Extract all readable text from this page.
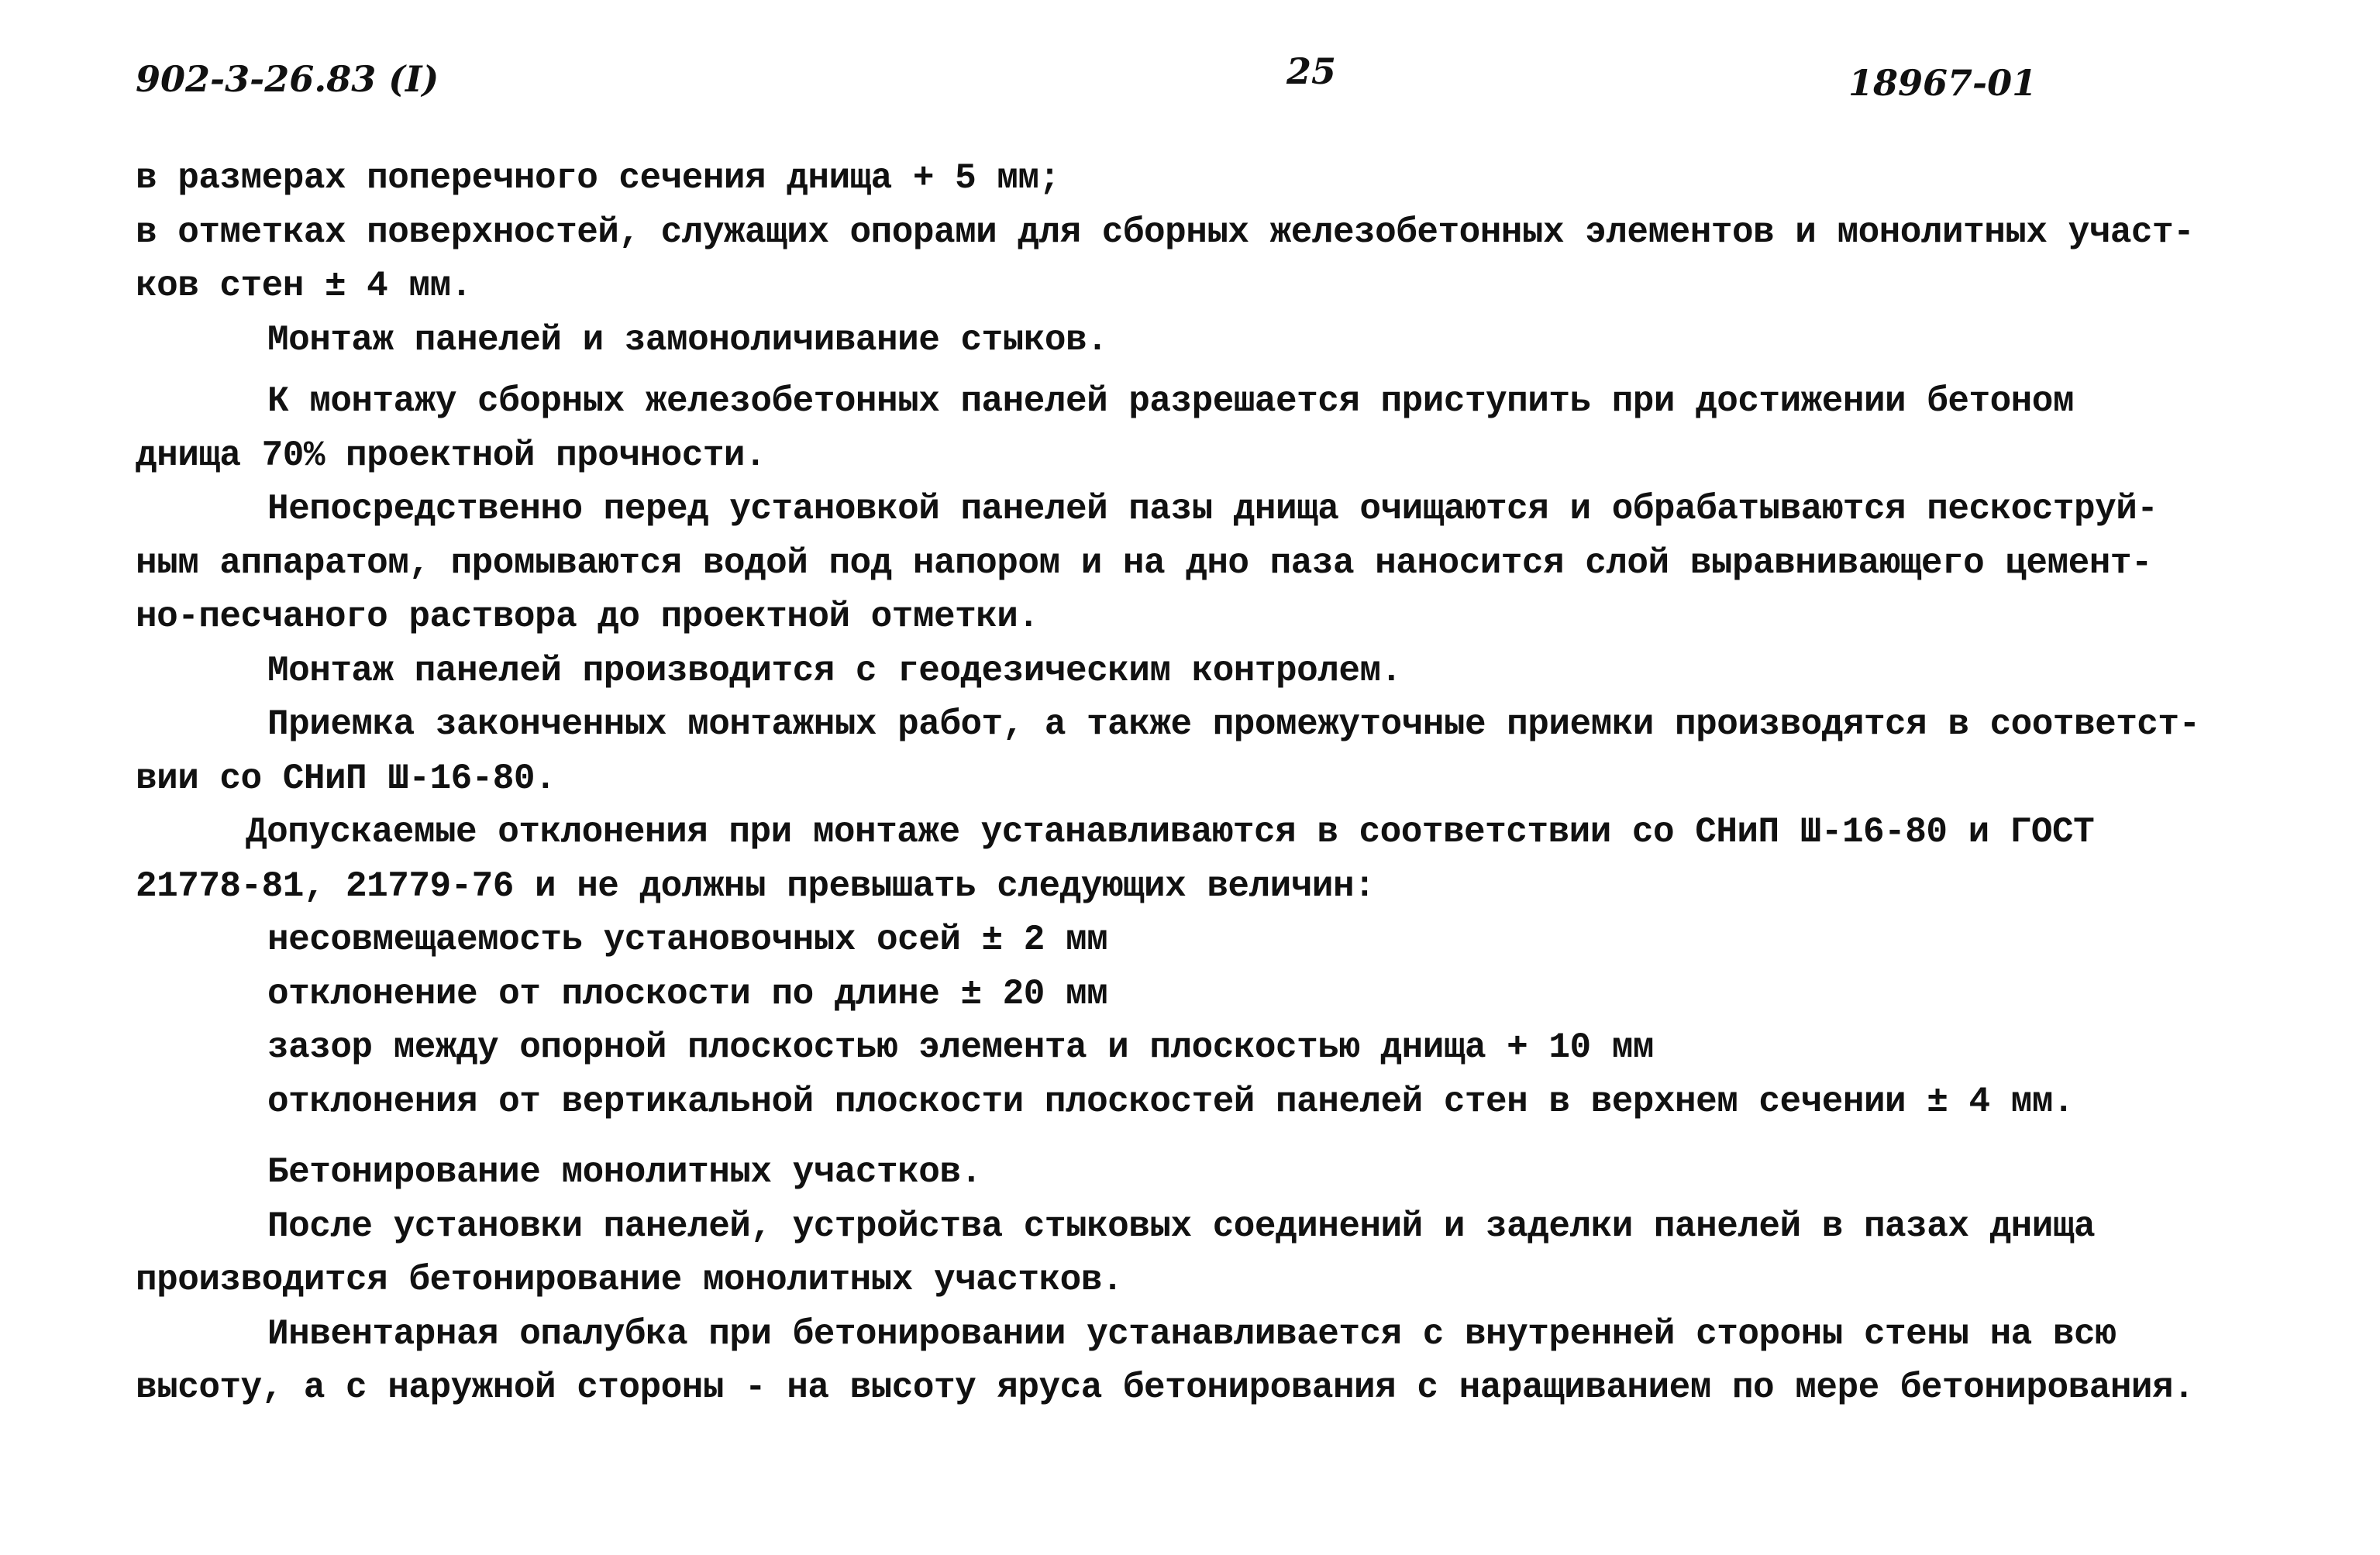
902-3-26.83 (I)	25	18967-01
в размерах поперечного сечения днища + 5 мм;
в отметках поверхностей, служащих опорами для сборных железобетонных элементов и монолитных участ-
ков стен ± 4 мм.
Монтаж панелей и замоноличивание стыков.
К монтажу сборных железобетонных панелей разрешается приступить при достижении бетоном
днища 70% проектной прочности.
Непосредственно перед установкой панелей пазы днища очищаются и обрабатываются пескоструй-
ным аппаратом, промываются водой под напором и на дно паза наносится слой выравнивающего цемент-
но-песчаного раствора до проектной отметки.
Монтаж панелей производится с геодезическим контролем.
Приемка законченных монтажных работ, а также промежуточные приемки производятся в соответст-
вии со СНиП Ш-16-80.
Допускаемые отклонения при монтаже устанавливаются в соответствии со СНиП Ш-16-80 и ГОСТ
21778-81, 21779-76 и не должны превышать следующих величин:
несовмещаемость установочных осей ± 2 мм
отклонение от плоскости по длине ± 20 мм
зазор между опорной плоскостью элемента и плоскостью днища + 10 мм
отклонения от вертикальной плоскости плоскостей панелей стен в верхнем сечении ± 4 мм.
Бетонирование монолитных участков.
После установки панелей, устройства стыковых соединений и заделки панелей в пазах днища
производится бетонирование монолитных участков.
Инвентарная опалубка при бетонировании устанавливается с внутренней стороны стены на всю
высоту, а с наружной стороны - на высоту яруса бетонирования с наращиванием по мере бетонирования.
